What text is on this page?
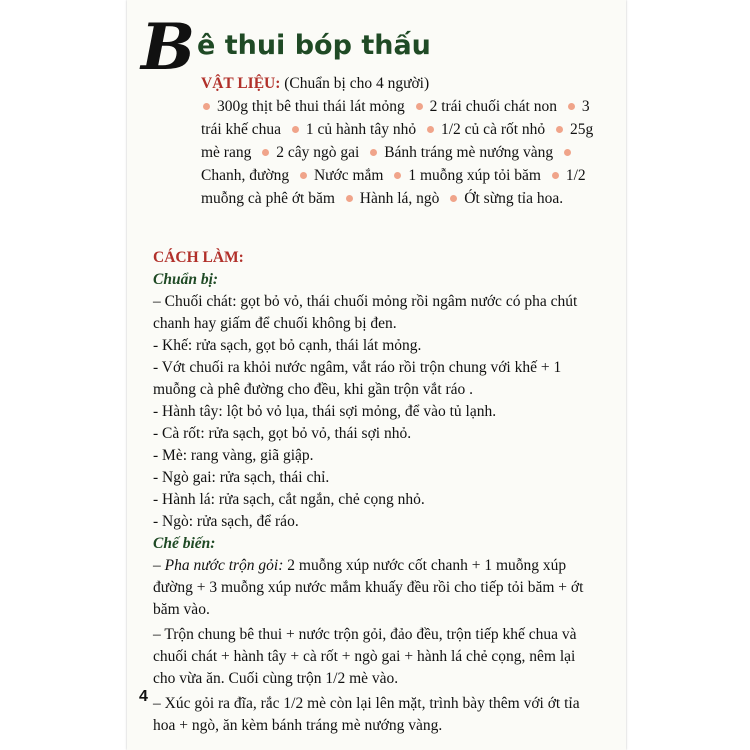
B ê thui bóp thấu
VẬT LIỆU: (Chuẩn bị cho 4 người)
300g thịt bê thui thái lát mỏng 2 trái chuối chát non 3 trái khế chua 1 củ hành tây nhỏ 1/2 củ cà rốt nhỏ 25g mè rang 2 cây ngò gai Bánh tráng mè nướng vàng Chanh, đường Nước mắm 1 muỗng xúp tỏi băm 1/2 muỗng cà phê ớt băm Hành lá, ngò Ớt sừng tỉa hoa.

CÁCH LÀM:

Chuẩn bị:

– Chuối chát: gọt bỏ vỏ, thái chuối mỏng rồi ngâm nước có pha chút chanh hay giấm để chuối không bị đen.

- Khế: rửa sạch, gọt bỏ cạnh, thái lát mỏng.

- Vớt chuối ra khỏi nước ngâm, vắt ráo rồi trộn chung với khế + 1 muỗng cà phê đường cho đều, khi gần trộn vắt ráo .

- Hành tây: lột bỏ vỏ lụa, thái sợi mỏng, để vào tủ lạnh.

- Cà rốt: rửa sạch, gọt bỏ vỏ, thái sợi nhỏ.

- Mè: rang vàng, giã giập.

- Ngò gai: rửa sạch, thái chỉ.

- Hành lá: rửa sạch, cắt ngắn, chẻ cọng nhỏ.

- Ngò: rửa sạch, để ráo.

Chế biến:

– Pha nước trộn gỏi: 2 muỗng xúp nước cốt chanh + 1 muỗng xúp đường + 3 muỗng xúp nước mắm khuấy đều rồi cho tiếp tỏi băm + ớt băm vào.

– Trộn chung bê thui + nước trộn gỏi, đảo đều, trộn tiếp khế chua và chuối chát + hành tây + cà rốt + ngò gai + hành lá chẻ cọng, nêm lại cho vừa ăn. Cuối cùng trộn 1/2 mè vào.

– Xúc gỏi ra đĩa, rắc 1/2 mè còn lại lên mặt, trình bày thêm với ớt tỉa hoa + ngò, ăn kèm bánh tráng mè nướng vàng.

4
